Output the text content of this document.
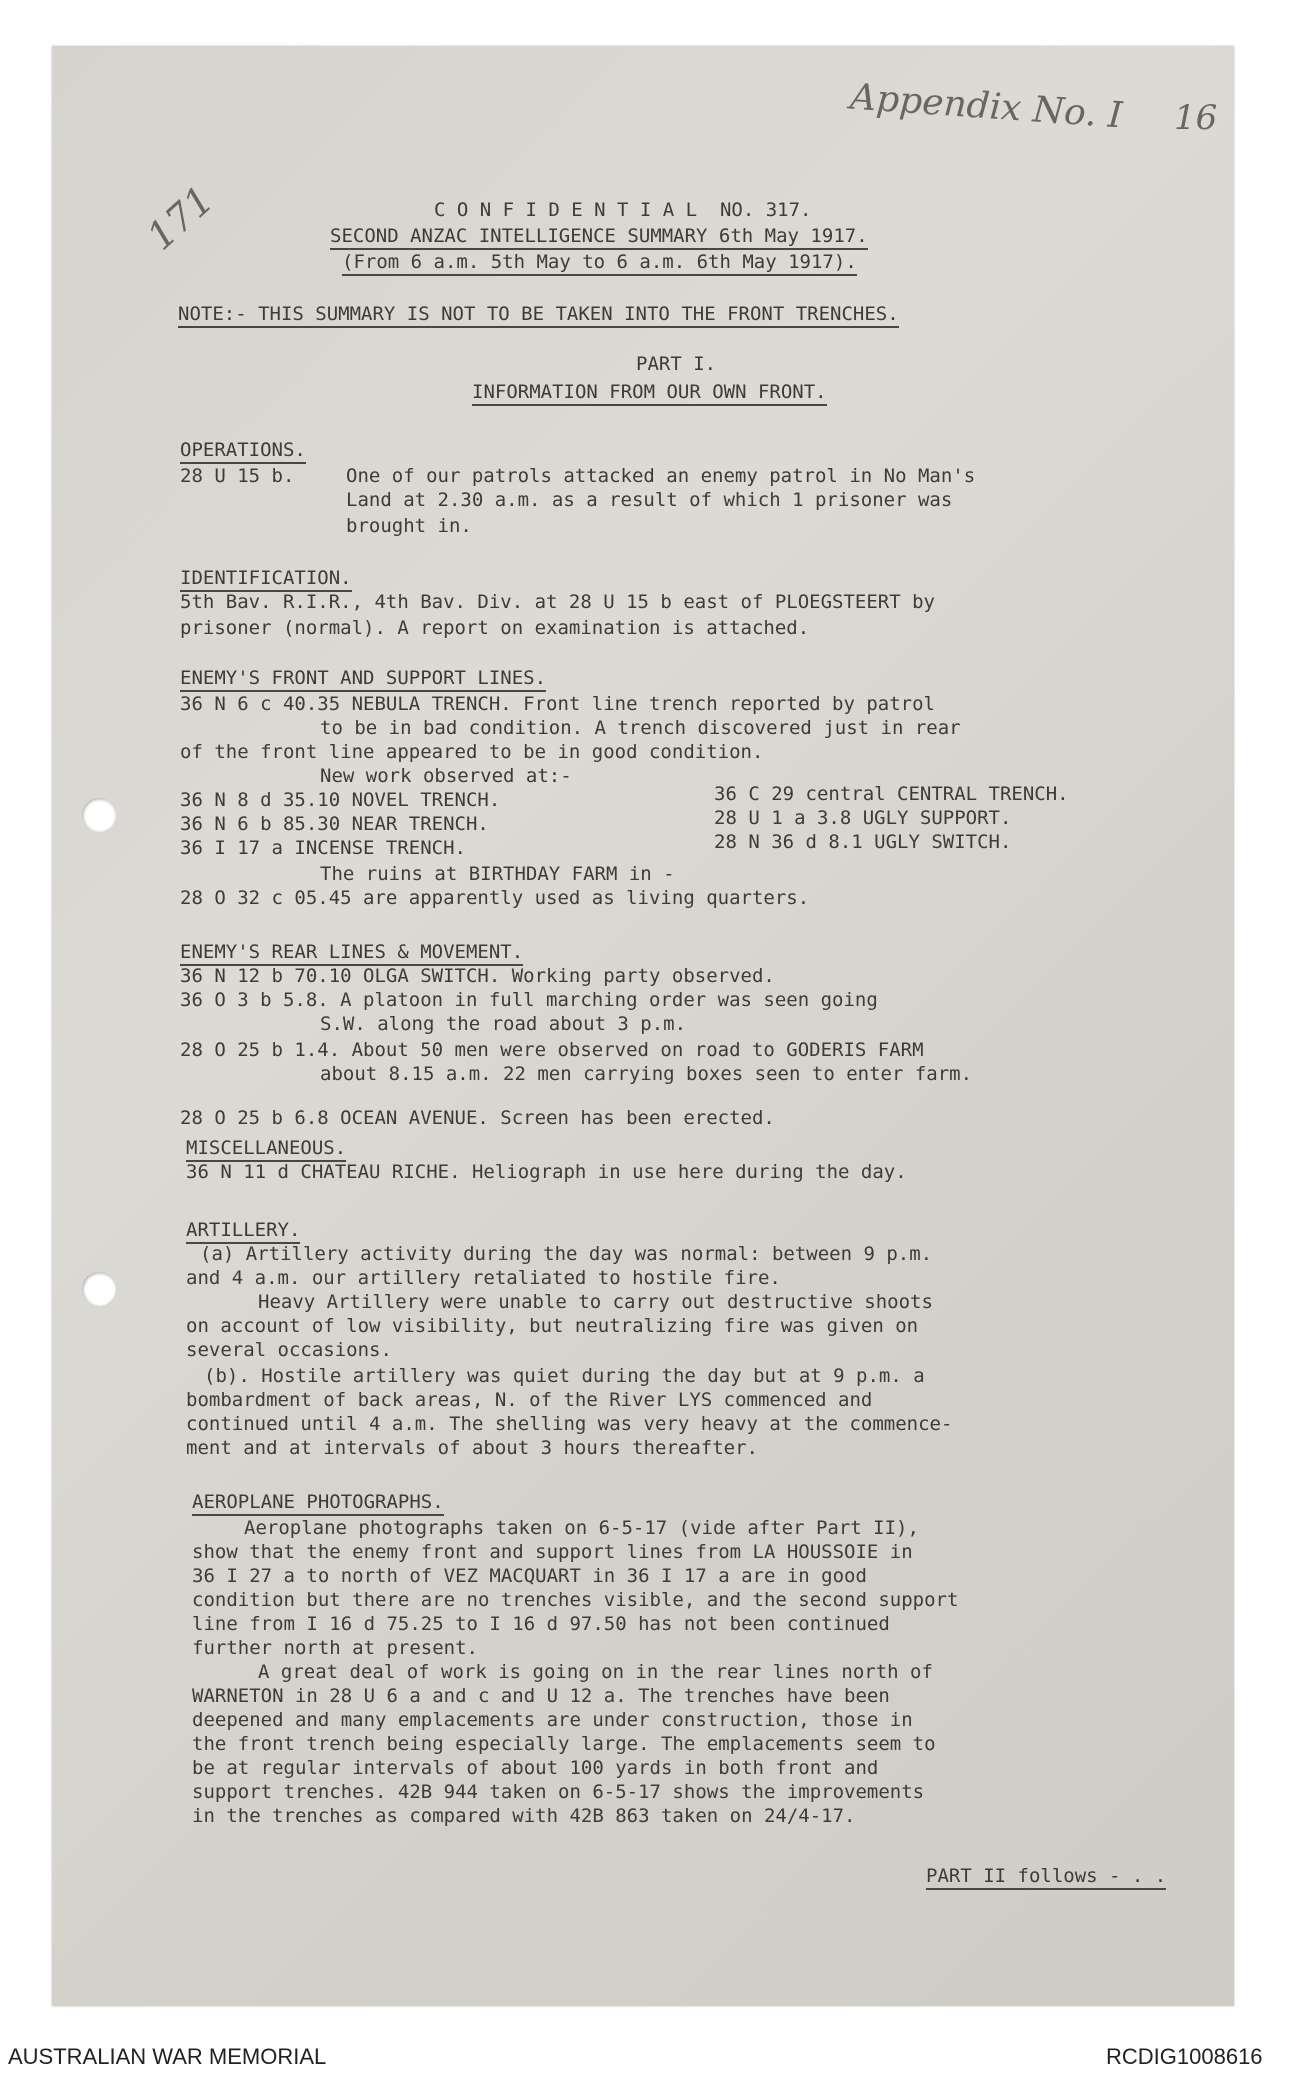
Appendix No. I 16
171	C O N F I D E N T I A L  NO. 317.

SECOND ANZAC INTELLIGENCE SUMMARY 6th May 1917.

(From 6 a.m. 5th May to 6 a.m. 6th May 1917).

NOTE:- THIS SUMMARY IS NOT TO BE TAKEN INTO THE FRONT TRENCHES.

PART I.

INFORMATION FROM OUR OWN FRONT.

OPERATIONS.

28 U 15 b.	One of our patrols attacked an enemy patrol in No Man's

Land at 2.30 a.m. as a result of which 1 prisoner was

brought in.

IDENTIFICATION.

5th Bav. R.I.R., 4th Bav. Div. at 28 U 15 b east of PLOEGSTEERT by

prisoner (normal). A report on examination is attached.

ENEMY'S FRONT AND SUPPORT LINES.

36 N 6 c 40.35 NEBULA TRENCH. Front line trench reported by patrol

to be in bad condition. A trench discovered just in rear

of the front line appeared to be in good condition.

New work observed at:-

36 N 8 d 35.10 NOVEL TRENCH.

36 N 6 b 85.30 NEAR TRENCH.

36 I 17 a INCENSE TRENCH.

36 C 29 central CENTRAL TRENCH.

28 U 1 a 3.8 UGLY SUPPORT.

28 N 36 d 8.1 UGLY SWITCH.

The ruins at BIRTHDAY FARM in -

28 O 32 c 05.45 are apparently used as living quarters.

ENEMY'S REAR LINES & MOVEMENT.

36 N 12 b 70.10 OLGA SWITCH. Working party observed.

36 O 3 b 5.8. A platoon in full marching order was seen going

S.W. along the road about 3 p.m.

28 O 25 b 1.4. About 50 men were observed on road to GODERIS FARM

about 8.15 a.m. 22 men carrying boxes seen to enter farm.

28 O 25 b 6.8 OCEAN AVENUE. Screen has been erected.

MISCELLANEOUS.

36 N 11 d CHATEAU RICHE. Heliograph in use here during the day.

ARTILLERY.

(a) Artillery activity during the day was normal: between 9 p.m.

and 4 a.m. our artillery retaliated to hostile fire.

Heavy Artillery were unable to carry out destructive shoots

on account of low visibility, but neutralizing fire was given on

several occasions.

(b). Hostile artillery was quiet during the day but at 9 p.m. a

bombardment of back areas, N. of the River LYS commenced and

continued until 4 a.m. The shelling was very heavy at the commence-

ment and at intervals of about 3 hours thereafter.

AEROPLANE PHOTOGRAPHS.

Aeroplane photographs taken on 6-5-17 (vide after Part II),

show that the enemy front and support lines from LA HOUSSOIE in

36 I 27 a to north of VEZ MACQUART in 36 I 17 a are in good

condition but there are no trenches visible, and the second support

line from I 16 d 75.25 to I 16 d 97.50 has not been continued

further north at present.

A great deal of work is going on in the rear lines north of

WARNETON in 28 U 6 a and c and U 12 a. The trenches have been

deepened and many emplacements are under construction, those in

the front trench being especially large. The emplacements seem to

be at regular intervals of about 100 yards in both front and

support trenches. 42B 944 taken on 6-5-17 shows the improvements

in the trenches as compared with 42B 863 taken on 24/4-17.

PART II follows - . .

AUSTRALIAN WAR MEMORIAL	RCDIG1008616
